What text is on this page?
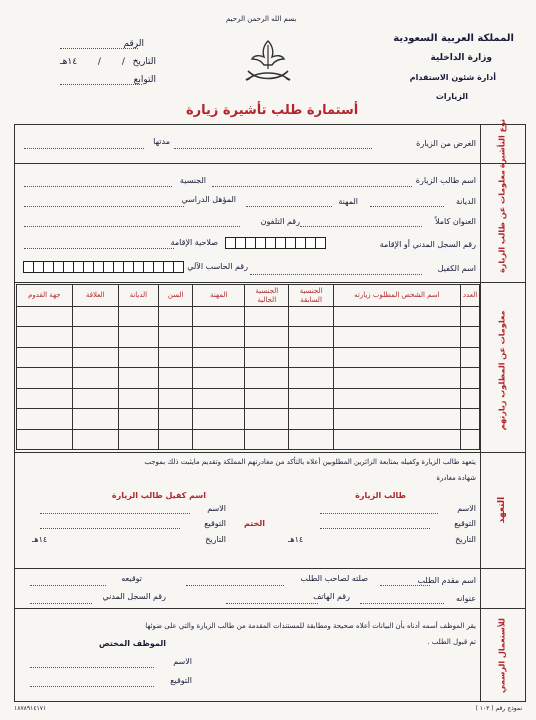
بسم الله الرحمن الرحيم
المملكة العربية السعودية
وزارة الداخلية
أدارة شئون الاستقدام
الزيارات
الرقم
التاريخ
/ / ١٤هـ
التوابع
أستمارة طلب تأشيرة زيارة
نوع التأشيرة
معلومات عن طالب الزيارة
معلومات عن المطلوب زيارتهم
التعهد
للأستعمال الرسمي
الغرض من الزيارة
مدتها
اسم طالب الزيارة
الجنسية
الديانة
المهنة
المؤهل الدراسي
العنوان كاملاً
رقم التلفون
رقم السجل المدني أو الإقامة
صلاحية الإقامة
اسم الكفيل
رقم الحاسب الآلي
جهة القدوم	العلاقة	الديانة	السن	المهنة	الجنسية الحالية	الجنسية السابقة	اسم الشخص المطلوب زيارته	العدد

يتعهد طالب الزيارة وكفيله بمتابعة الزائرين المطلوبين أعلاه بالتأكد من مغادرتهم المملكة وتقديم مايثبت ذلك بموجب
شهادة مغادرة
طالب الزيارة
اسم كفيل طالب الزيارة
الختم
الاسم
التوقيع
التاريخ
١٤هـ
الاسم
التوقيع
التاريخ
١٤هـ
اسم مقدم الطلب
صلته لصاحب الطلب
توقيعه
عنوانه
رقم الهاتف
رقم السجل المدني
يقر الموظف أسمه أدناه بأن البيانات أعلاه صحيحة ومطابقة للمستندات المقدمة من طالب الزيارة والتي على ضوئها
تم قبول الطلب .
الموظف المختص
الاسم
التوقيع
نموذج رقم ( ١٠٣ )
١٨٧٨٩١٤١٧١
